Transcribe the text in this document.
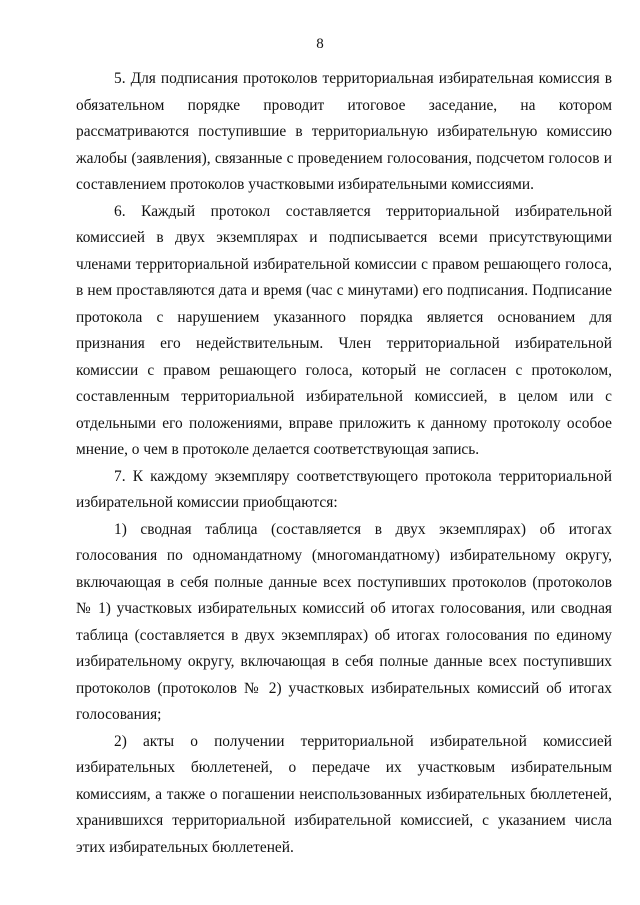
8

5. Для подписания протоколов территориальная избирательная комиссия в обязательном порядке проводит итоговое заседание, на котором рассматриваются поступившие в территориальную избирательную комиссию жалобы (заявления), связанные с проведением голосования, подсчетом голосов и составлением протоколов участковыми избирательными комиссиями.

6. Каждый протокол составляется территориальной избирательной комиссией в двух экземплярах и подписывается всеми присутствующими членами территориальной избирательной комиссии с правом решающего голоса, в нем проставляются дата и время (час с минутами) его подписания. Подписание протокола с нарушением указанного порядка является основанием для признания его недействительным. Член территориальной избирательной комиссии с правом решающего голоса, который не согласен с протоколом, составленным территориальной избирательной комиссией, в целом или с отдельными его положениями, вправе приложить к данному протоколу особое мнение, о чем в протоколе делается соответствующая запись.

7. К каждому экземпляру соответствующего протокола территориальной избирательной комиссии приобщаются:

1) сводная таблица (составляется в двух экземплярах) об итогах голосования по одномандатному (многомандатному) избирательному округу, включающая в себя полные данные всех поступивших протоколов (протоколов № 1) участковых избирательных комиссий об итогах голосования, или сводная таблица (составляется в двух экземплярах) об итогах голосования по единому избирательному округу, включающая в себя полные данные всех поступивших протоколов (протоколов № 2) участковых избирательных комиссий об итогах голосования;

2) акты о получении территориальной избирательной комиссией избирательных бюллетеней, о передаче их участковым избирательным комиссиям, а также о погашении неиспользованных избирательных бюллетеней, хранившихся территориальной избирательной комиссией, с указанием числа этих избирательных бюллетеней.
